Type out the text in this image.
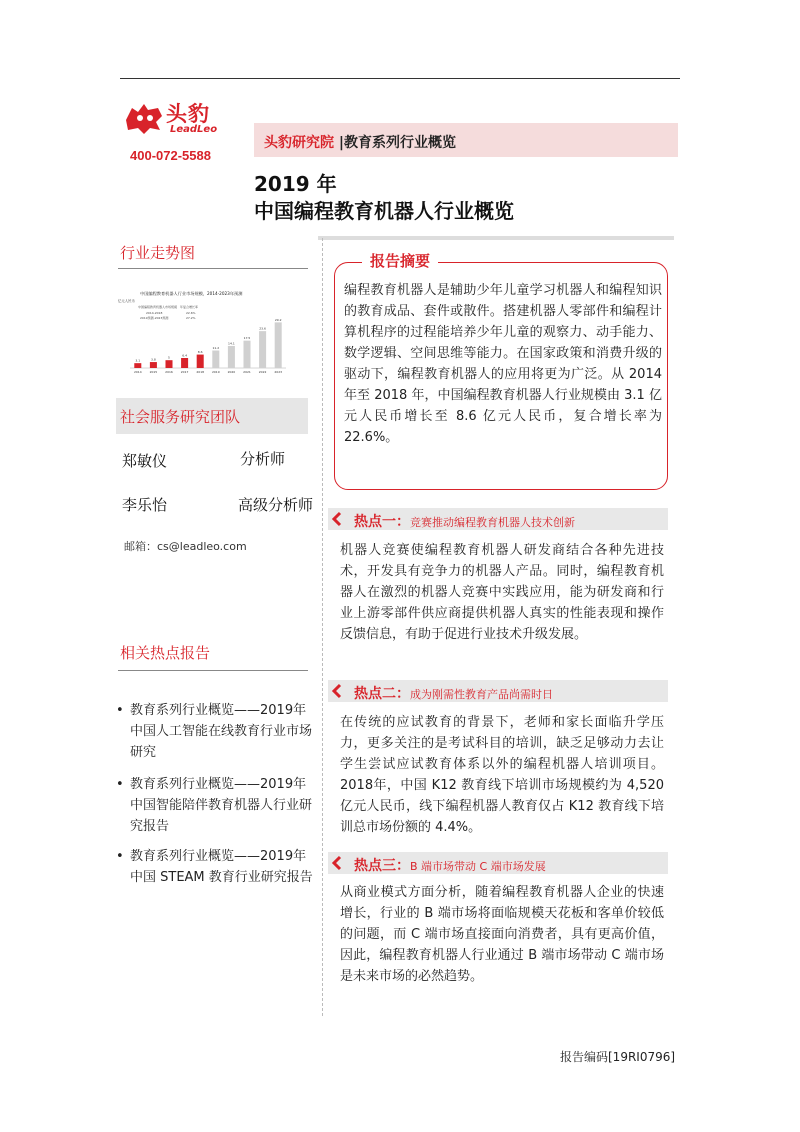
头豹
LeadLeo
400-072-5588
头豹研究院 |教育系列行业概览
2019 年
中国编程教育机器人行业概览
行业走势图
中国编程教育机器人行业市场规模，2014-2023年预测
亿元人民币
中国编程教育机器人市场规模 年复合增长率
2014-2018	22.6%
2019预测-2023预测	27.2%
3.1
2014
3.8
2015
5
2016
6.4
2017
8.6
2018
11.2
2019
14.1
2020
17.5
2021
23.6
2022
29.2
2023
社会服务研究团队
郑敏仪	分析师
李乐怡	高级分析师
邮箱：cs@leadleo.com
相关热点报告
• 教育系列行业概览——2019年中国人工智能在线教育行业市场研究
• 教育系列行业概览——2019年中国智能陪伴教育机器人行业研究报告
• 教育系列行业概览——2019年中国 STEAM 教育行业研究报告
报告摘要
编程教育机器人是辅助少年儿童学习机器人和编程知识的教育成品、套件或散件。搭建机器人零部件和编程计算机程序的过程能培养少年儿童的观察力、动手能力、数学逻辑、空间思维等能力。在国家政策和消费升级的驱动下，编程教育机器人的应用将更为广泛。从 2014 年至 2018 年，中国编程教育机器人行业规模由 3.1 亿元人民币增长至 8.6 亿元人民币，复合增长率为 22.6%。
热点一：竞赛推动编程教育机器人技术创新
机器人竞赛使编程教育机器人研发商结合各种先进技术，开发具有竞争力的机器人产品。同时，编程教育机器人在激烈的机器人竞赛中实践应用，能为研发商和行业上游零部件供应商提供机器人真实的性能表现和操作反馈信息，有助于促进行业技术升级发展。
热点二：成为刚需性教育产品尚需时日
在传统的应试教育的背景下，老师和家长面临升学压力，更多关注的是考试科目的培训，缺乏足够动力去让学生尝试应试教育体系以外的编程机器人培训项目。2018年，中国 K12 教育线下培训市场规模约为 4,520 亿元人民币，线下编程机器人教育仅占 K12 教育线下培训总市场份额的 4.4%。
热点三：B 端市场带动 C 端市场发展
从商业模式方面分析，随着编程教育机器人企业的快速增长，行业的 B 端市场将面临规模天花板和客单价较低的问题，而 C 端市场直接面向消费者，具有更高价值，因此，编程教育机器人行业通过 B 端市场带动 C 端市场是未来市场的必然趋势。
报告编码[19RI0796]
